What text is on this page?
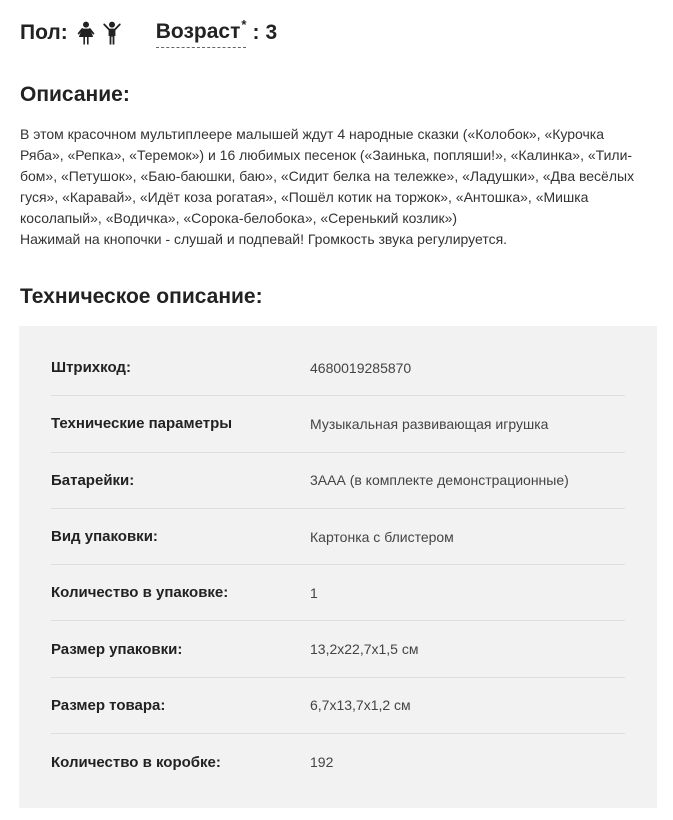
Пол:	Возраст* : 3
Описание:

В этом красочном мультиплеере малышей ждут 4 народные сказки («Колобок», «Курочка Ряба», «Репка», «Теремок») и 16 любимых песенок («Заинька, попляши!», «Калинка», «Тили-бом», «Петушок», «Баю-баюшки, баю», «Сидит белка на тележке», «Ладушки», «Два весёлых гуся», «Каравай», «Идёт коза рогатая», «Пошёл котик на торжок», «Антошка», «Мишка косолапый», «Водичка», «Сорока-белобока», «Серенький козлик»)

Нажимай на кнопочки - слушай и подпевай! Громкость звука регулируется.

Техническое описание:
Штрихкод:	4680019285870
Технические параметры	Музыкальная развивающая игрушка
Батарейки:	3ААА (в комплекте демонстрационные)
Вид упаковки:	Картонка с блистером
Количество в упаковке:	1
Размер упаковки:	13,2х22,7х1,5 см
Размер товара:	6,7х13,7х1,2 см
Количество в коробке:	192
